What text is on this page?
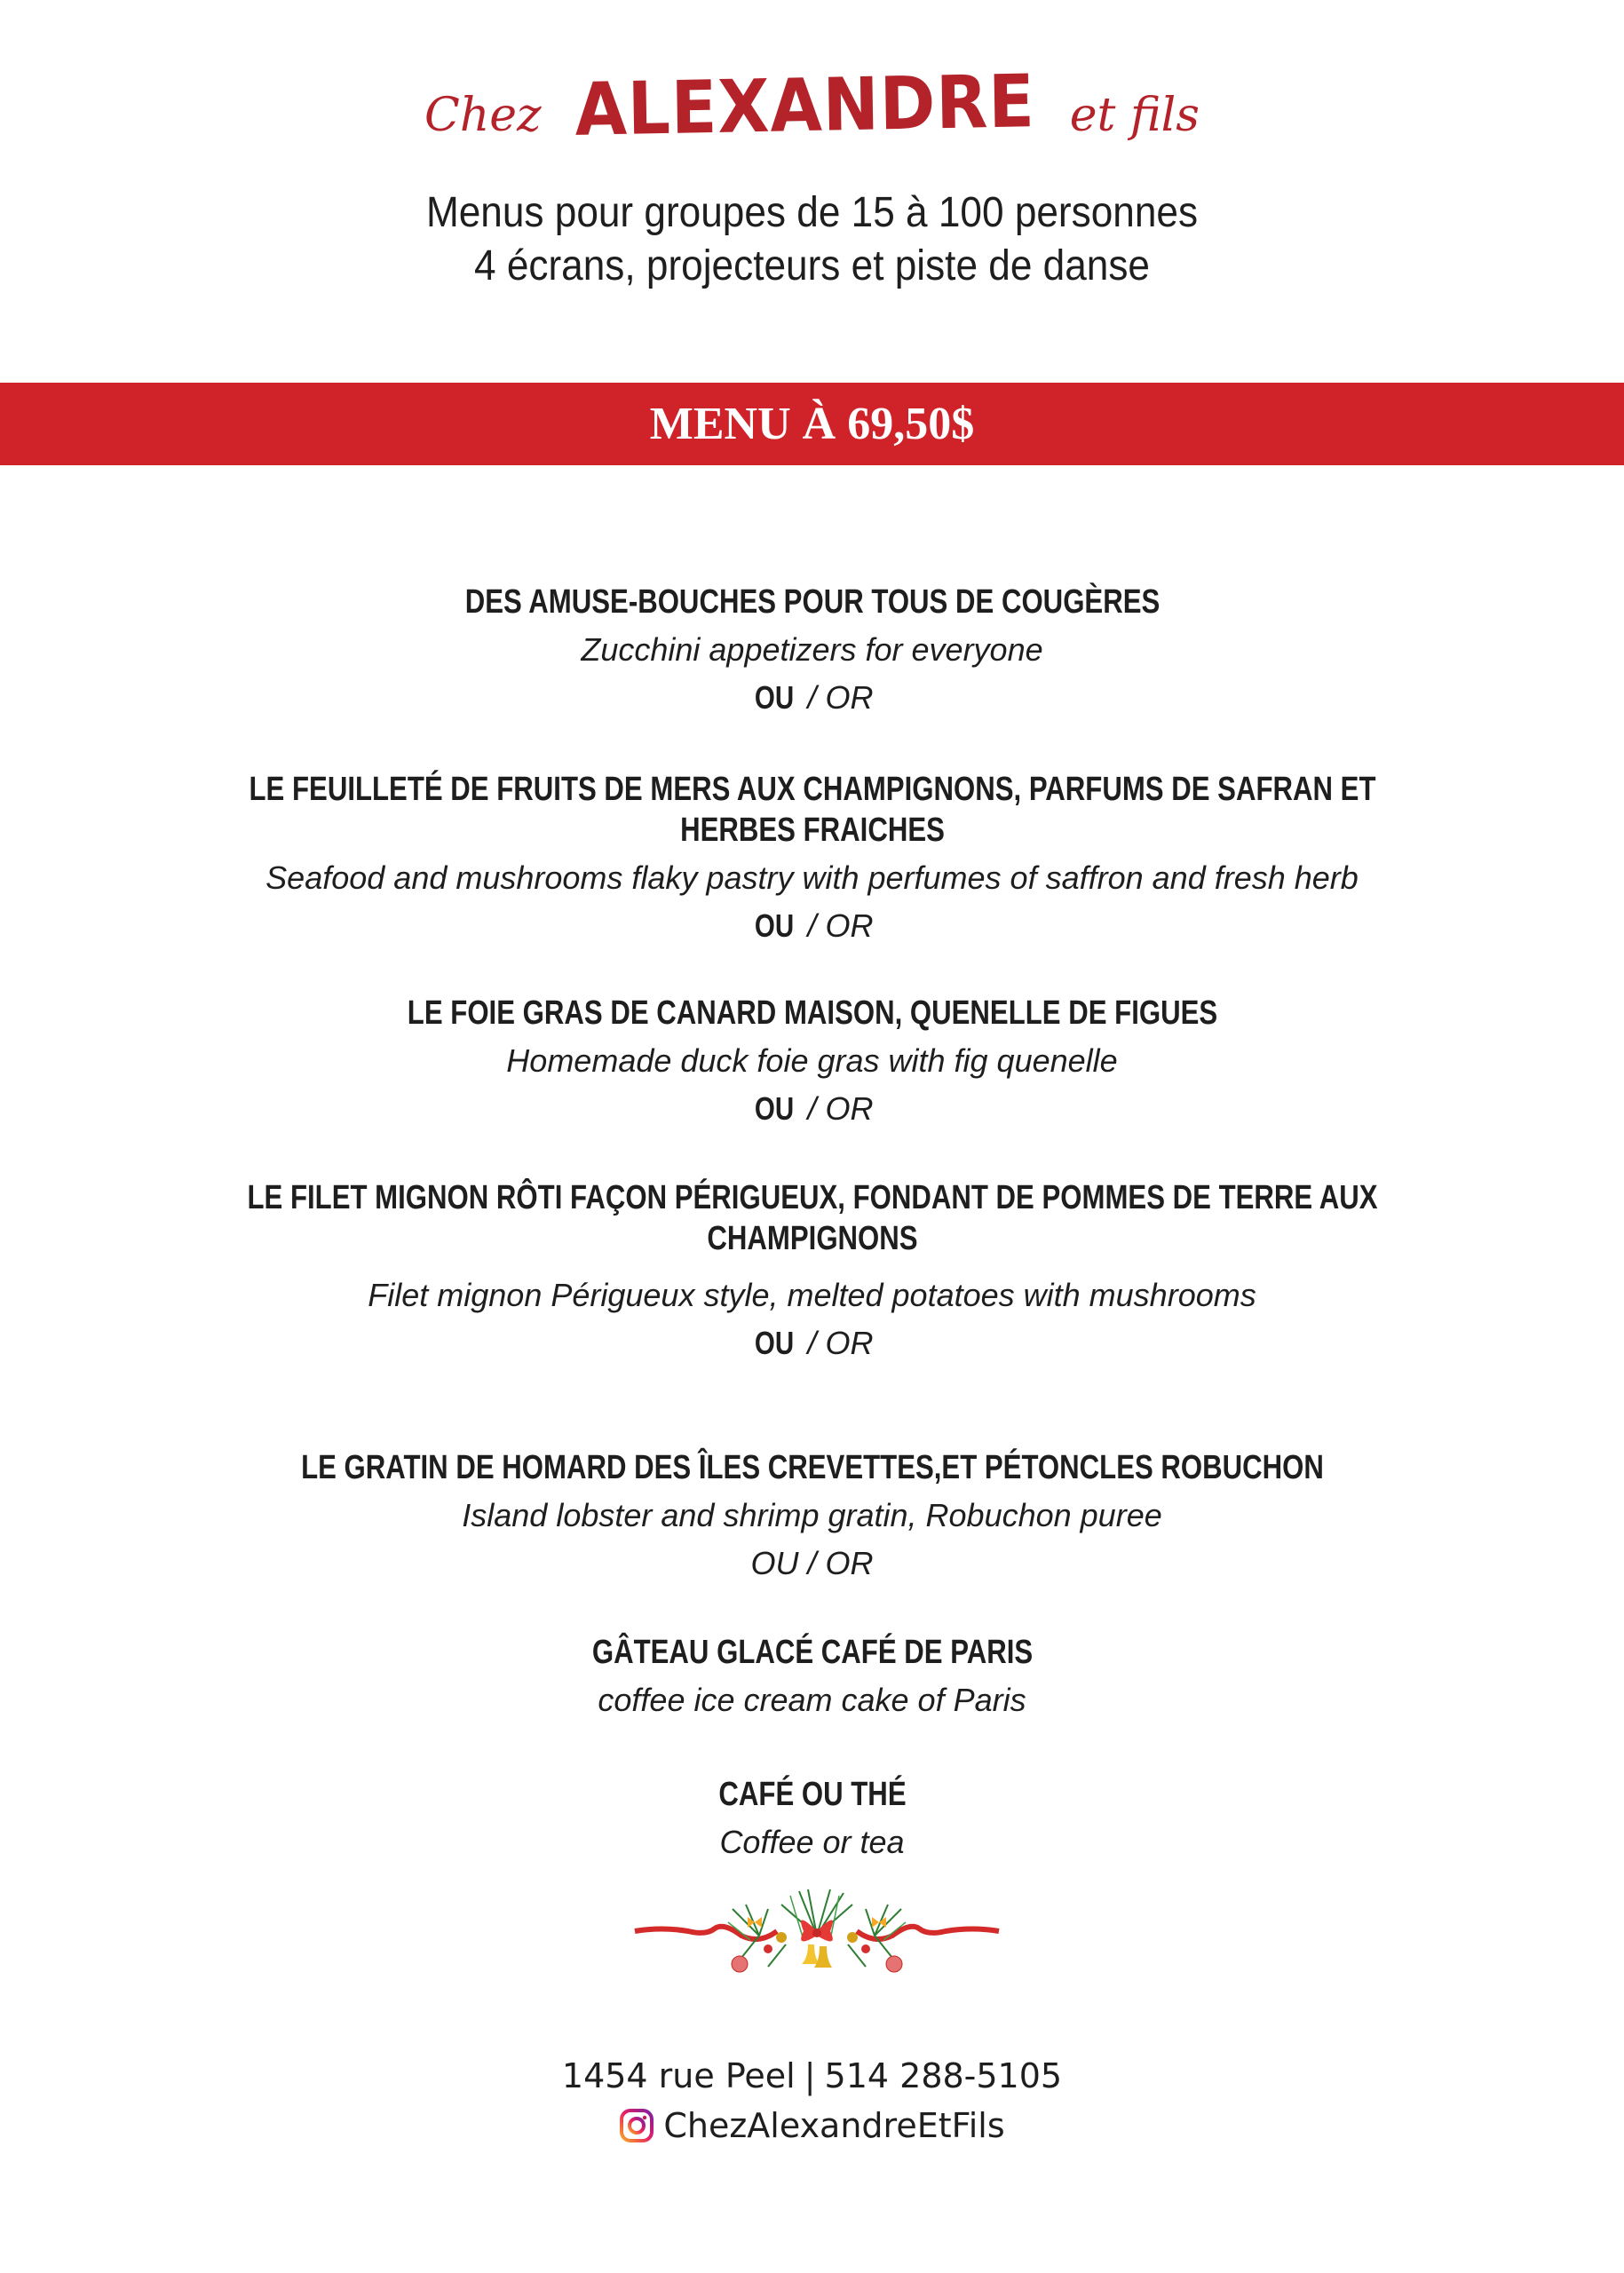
Chez ALEXANDRE et fils
Menus pour groupes de 15 à 100 personnes
4 écrans, projecteurs et piste de danse
MENU À 69,50$
DES AMUSE-BOUCHES POUR TOUS DE COUGÈRES
Zucchini appetizers for everyone
OU / OR
LE FEUILLETÉ DE FRUITS DE MERS AUX CHAMPIGNONS, PARFUMS DE SAFRAN ET HERBES FRAICHES
Seafood and mushrooms flaky pastry with perfumes of saffron and fresh herb
OU / OR
LE FOIE GRAS DE CANARD MAISON, QUENELLE DE FIGUES
Homemade duck foie gras with fig quenelle
OU / OR
LE FILET MIGNON RÔTI FAÇON PÉRIGUEUX, FONDANT DE POMMES DE TERRE AUX CHAMPIGNONS
Filet mignon Périgueux style, melted potatoes with mushrooms
OU / OR
LE GRATIN DE HOMARD DES ÎLES CREVETTES,ET PÉTONCLES ROBUCHON
Island lobster and shrimp gratin, Robuchon puree
OU / OR
GÂTEAU GLACÉ CAFÉ DE PARIS
coffee ice cream cake of Paris
CAFÉ OU THÉ
Coffee or tea
1454 rue Peel | 514 288-5105
ChezAlexandreEtFils
